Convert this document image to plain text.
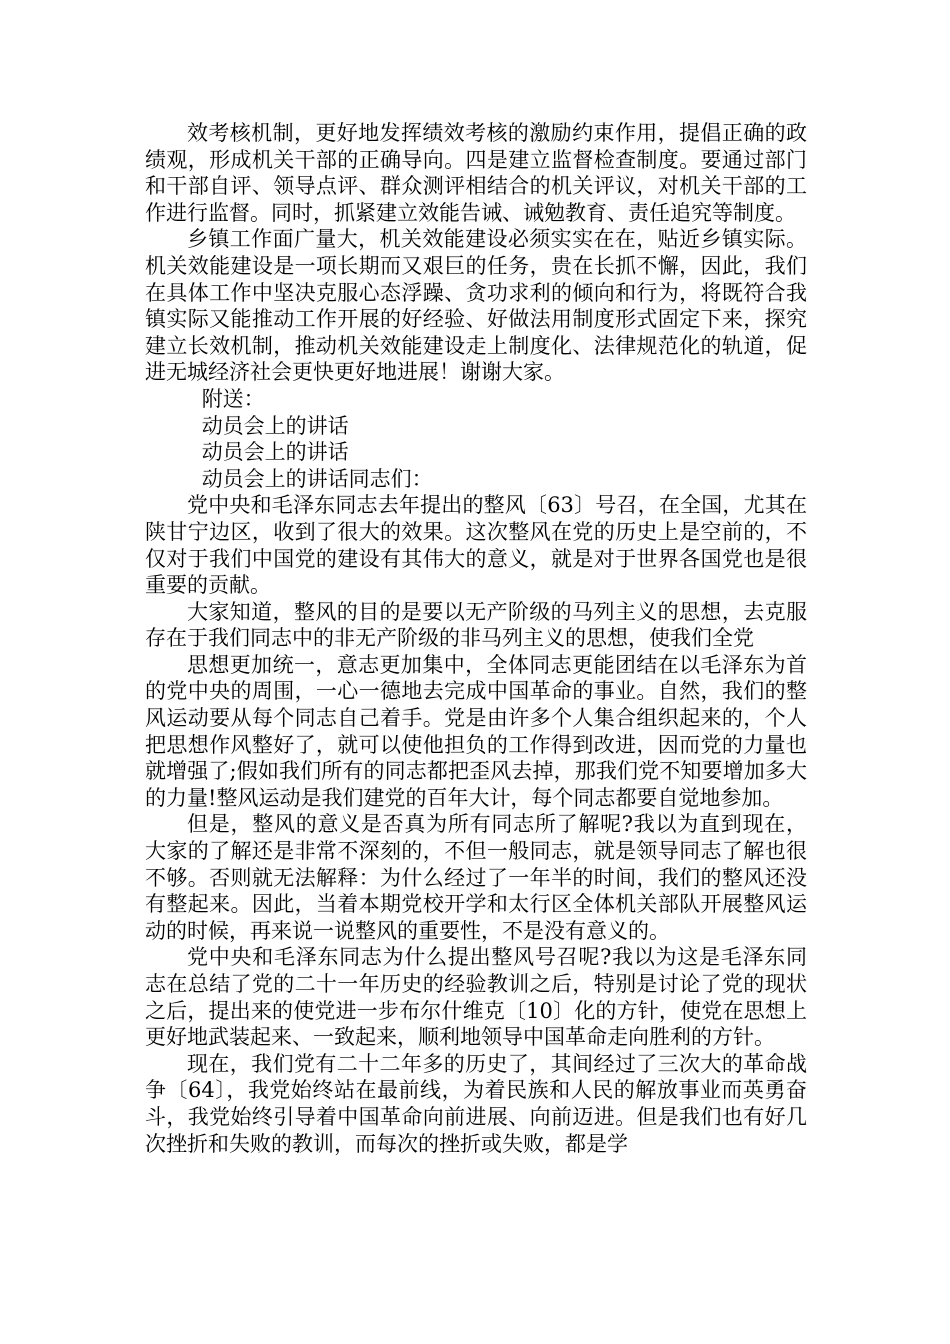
效考核机制，更好地发挥绩效考核的激励约束作用，提倡正确的政绩观，形成机关干部的正确导向。四是建立监督检查制度。要通过部门和干部自评、领导点评、群众测评相结合的机关评议，对机关干部的工作进行监督。同时，抓紧建立效能告诫、诫勉教育、责任追究等制度。

乡镇工作面广量大，机关效能建设必须实实在在，贴近乡镇实际。机关效能建设是一项长期而又艰巨的任务，贵在长抓不懈，因此，我们在具体工作中坚决克服心态浮躁、贪功求利的倾向和行为，将既符合我镇实际又能推动工作开展的好经验、好做法用制度形式固定下来，探究建立长效机制，推动机关效能建设走上制度化、法律规范化的轨道，促进无城经济社会更快更好地进展！谢谢大家。

附送：

动员会上的讲话

动员会上的讲话

动员会上的讲话同志们：

党中央和毛泽东同志去年提出的整风〔63〕号召，在全国，尤其在陕甘宁边区，收到了很大的效果。这次整风在党的历史上是空前的，不仅对于我们中国党的建设有其伟大的意义，就是对于世界各国党也是很重要的贡献。

大家知道，整风的目的是要以无产阶级的马列主义的思想，去克服存在于我们同志中的非无产阶级的非马列主义的思想，使我们全党

思想更加统一，意志更加集中，全体同志更能团结在以毛泽东为首的党中央的周围，一心一德地去完成中国革命的事业。自然，我们的整风运动要从每个同志自己着手。党是由许多个人集合组织起来的，个人把思想作风整好了，就可以使他担负的工作得到改进，因而党的力量也就增强了;假如我们所有的同志都把歪风去掉，那我们党不知要增加多大的力量!整风运动是我们建党的百年大计，每个同志都要自觉地参加。

但是，整风的意义是否真为所有同志所了解呢?我以为直到现在，大家的了解还是非常不深刻的，不但一般同志，就是领导同志了解也很不够。否则就无法解释：为什么经过了一年半的时间，我们的整风还没有整起来。因此，当着本期党校开学和太行区全体机关部队开展整风运动的时候，再来说一说整风的重要性，不是没有意义的。

党中央和毛泽东同志为什么提出整风号召呢?我以为这是毛泽东同志在总结了党的二十一年历史的经验教训之后，特别是讨论了党的现状之后，提出来的使党进一步布尔什维克〔10〕化的方针，使党在思想上更好地武装起来、一致起来，顺利地领导中国革命走向胜利的方针。

现在，我们党有二十二年多的历史了，其间经过了三次大的革命战争〔64〕，我党始终站在最前线，为着民族和人民的解放事业而英勇奋斗，我党始终引导着中国革命向前进展、向前迈进。但是我们也有好几次挫折和失败的教训，而每次的挫折或失败，都是学
